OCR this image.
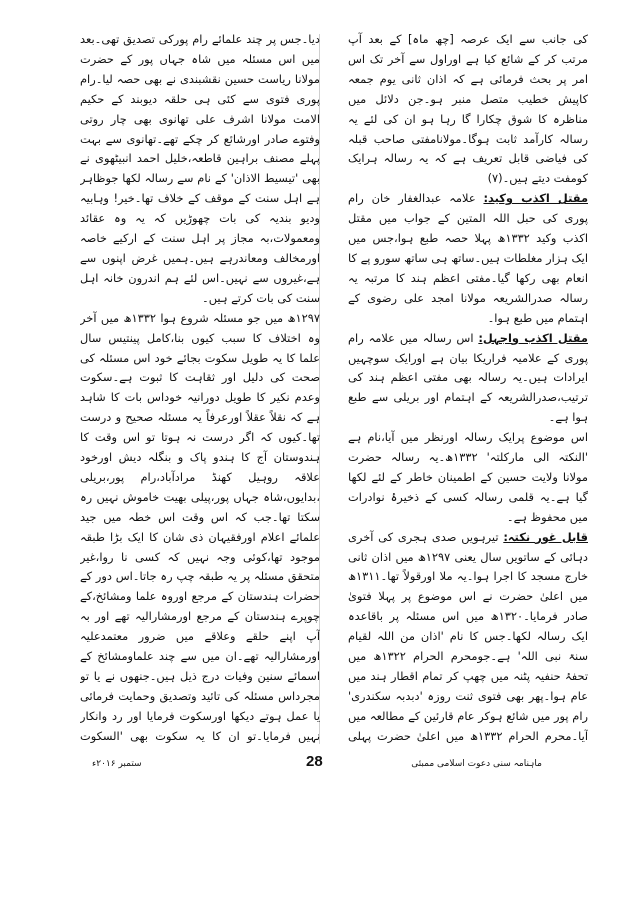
کی جانب سے ایک عرصہ [چھ ماہ] کے بعد آپ مرتب کر کے شائع کیا ہے اوراول سے آخر تک اس امر پر بحث فرمائی ہے کہ اذان ثانی یوم جمعہ کاپیش خطیب متصل منبر ہو۔جن دلائل میں مناظرہ کا شوق چکارا گا رہا ہو ان کی لئے یہ رسالہ کارآمد ثابت ہوگا۔مولانامفتی صاحب قبلہ کی فیاضی قابل تعریف ہے کہ یہ رسالہ ہرایک کومفت دیتے ہیں۔(۷)

مقتل اکذب وکید: علامہ عبدالغفار خان رام پوری کی حبل اللہ المتین کے جواب میں مقتل اکذب وکید ۱۳۳۲ھ پہلا حصہ طبع ہوا،جس میں ایک ہزار مغلطات ہیں۔ساتھ ہی ساتھ سورو پے کا انعام بھی رکھا گیا۔مفتی اعظم ہند کا مرتبہ یہ رسالہ صدرالشریعہ مولانا امجد علی رضوی کے اہتمام میں طبع ہوا۔

مقتل اکذب واجہل: اس رسالہ میں علامہ رام پوری کے علامیہ فراریکا بیان ہے اورایک سوچہیں ایرادات ہیں۔یہ رسالہ بھی مفتی اعظم ہند کی ترتیب،صدرالشریعہ کے اہتمام اور بریلی سے طبع ہوا ہے۔

اس موضوع پرایک رسالہ اورنظر میں آیا،نام ہے 'النکتہ الی مارکلتہ' ۱۳۳۲ھ۔یہ رسالہ حضرت مولانا ولایت حسین کے اطمینان خاطر کے لئے لکھا گیا ہے۔یہ قلمی رسالہ کسی کے ذخیرۂ نوادرات میں محفوظ ہے۔

قابل غور نکتہ: تیرہویں صدی ہجری کی آخری دہائی کے ساتویں سال یعنی ۱۲۹۷ھ میں اذان ثانی خارج مسجد کا اجرا ہوا۔یہ ملا اورقولاً تھا۔۱۳۱۱ھ میں اعلیٰ حضرت نے اس موضوع پر پہلا فتویٰ صادر فرمایا۔۱۳۲۰ھ میں اس مسئلہ پر باقاعدہ ایک رسالہ لکھا۔جس کا نام 'اذان من اللہ لقیام سنۃ نبی اللہ' ہے۔جومحرم الحرام ۱۳۲۲ھ میں تحفۂ حنفیہ پٹنہ میں چھپ کر تمام اقطار ہند میں عام ہوا۔پھر بھی فتوی ثنت روزہ 'دبدبہ سکندری' رام پور میں شائع ہوکر عام قارئین کے مطالعہ میں آیا۔محرم الحرام ۱۳۳۲ھ میں اعلیٰ حضرت پہلی

دیا۔جس پر چند علمائے رام پورکی تصدیق تھی۔بعد میں اس مسئلہ میں شاہ جہاں پور کے حضرت مولانا ریاست حسین نقشبندی نے بھی حصہ لیا۔رام پوری فتوی سے کئی ہی حلقہ دیوبند کے حکیم الامت مولانا اشرف علی تھانوی بھی چار روتی وفتوے صادر اورشائع کر چکے تھے۔تھانوی سے بہت پہلے مصنف براہین قاطعہ،خلیل احمد انبیٹھوی نے بھی 'تیسیط الاذان' کے نام سے رسالہ لکھا جوظاہر ہے اہل سنت کے موقف کے خلاف تھا۔خیر! وہابیہ ودیو بندیہ کی بات چھوڑیں کہ یہ وہ عقائد ومعمولات،بہ مجاز پر اہل سنت کے ارکیے خاصہ اورمخالف ومعاندرہے ہیں۔ہمیں غرض اپنوں سے ہے،غیروں سے نہیں۔اس لئے ہم اندرون خانہ اہل سنت کی بات کرتے ہیں۔

۱۲۹۷ھ میں جو مسئلہ شروع ہوا ۱۳۳۲ھ میں آخر وہ اختلاف کا سبب کیوں بنا،کامل پینتیس سال علما کا یہ طویل سکوت بجائے خود اس مسئلہ کی صحت کی دلیل اور ثقاہت کا ثبوت ہے۔سکوت وعدم نکیر کا طویل دورانیہ خوداس بات کا شاہد ہے کہ نقلاً عقلاً اورعرفاً یہ مسئلہ صحیح و درست تھا۔کیوں کہ اگر درست نہ ہوتا تو اس وقت کا ہندوستان آج کا ہندو پاک و بنگلہ دیش اورخود علاقہ روہیل کھنڈ مرادآباد،رام پور،بریلی ،بدایوں،شاہ جہاں پور،پیلی بھیت خاموش نہیں رہ سکتا تھا۔جب کہ اس وقت اس خطہ میں جید علمائے اعلام اورفقیہان ذی شان کا ایک بڑا طبقہ موجود تھا،کوئی وجہ نہیں کہ کسی نا روا،غیر متحقق مسئلہ پر یہ طبقہ چپ رہ جاتا۔اس دور کے حضرات ہندستان کے مرجع اوروہ علما ومشائخ،کے چوپرے ہندستان کے مرجع اورمشارالیہ تھے اور بہ آپ اپنے حلقے وعلاقے میں ضرور معتمدعلیہ اورمشارالیہ تھے۔ان میں سے چند علماومشائخ کے اسمائے سنین وفیات درج ذیل ہیں۔جنھوں نے یا تو مجرداس مسئلہ کی تائید وتصدیق وحمایت فرمائی یا عمل ہوتے دیکھا اورسکوت فرمایا اور رد وانکار نہیں فرمایا۔تو ان کا یہ سکوت بھی 'السکوت

ماہنامہ سنی دعوت اسلامی ممبئی
28
ستمبر ۲۰۱۶ء
